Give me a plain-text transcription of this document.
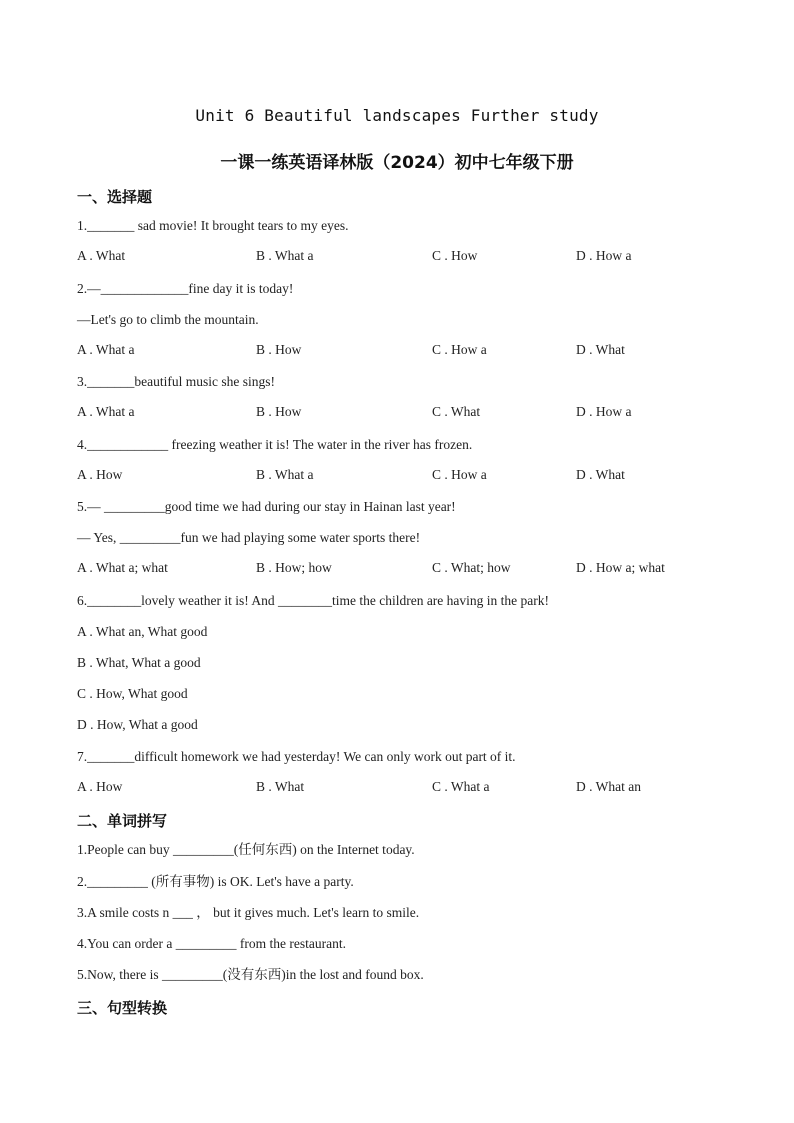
Unit 6 Beautiful landscapes Further study
一课一练英语译林版（2024）初中七年级下册
一、选择题
1._______ sad movie! It brought tears to my eyes.
A . What	B . What a	C . How	D . How a
2.—_____________fine day it is today!
—Let's go to climb the mountain.
A . What a	B . How	C . How a	D . What
3._______beautiful music she sings!
A . What a	B . How	C . What	D . How a
4.____________ freezing weather it is! The water in the river has frozen.
A . How	B . What a	C . How a	D . What
5.— _________good time we had during our stay in Hainan last year!
— Yes, _________fun we had playing some water sports there!
A . What a; what	B . How; how	C . What; how	D . How a; what
6.________lovely weather it is! And ________time the children are having in the park!
A . What an, What good
B . What, What a good
C . How, What good
D . How, What a good
7._______difficult homework we had yesterday! We can only work out part of it.
A . How	B . What	C . What a	D . What an
二、单词拼写
1.People can buy _________(任何东西) on the Internet today.
2._________ (所有事物) is OK. Let's have a party.
3.A smile costs n ___ ， but it gives much. Let's learn to smile.
4.You can order a _________ from the restaurant.
5.Now, there is _________(没有东西)in the lost and found box.
三、句型转换
